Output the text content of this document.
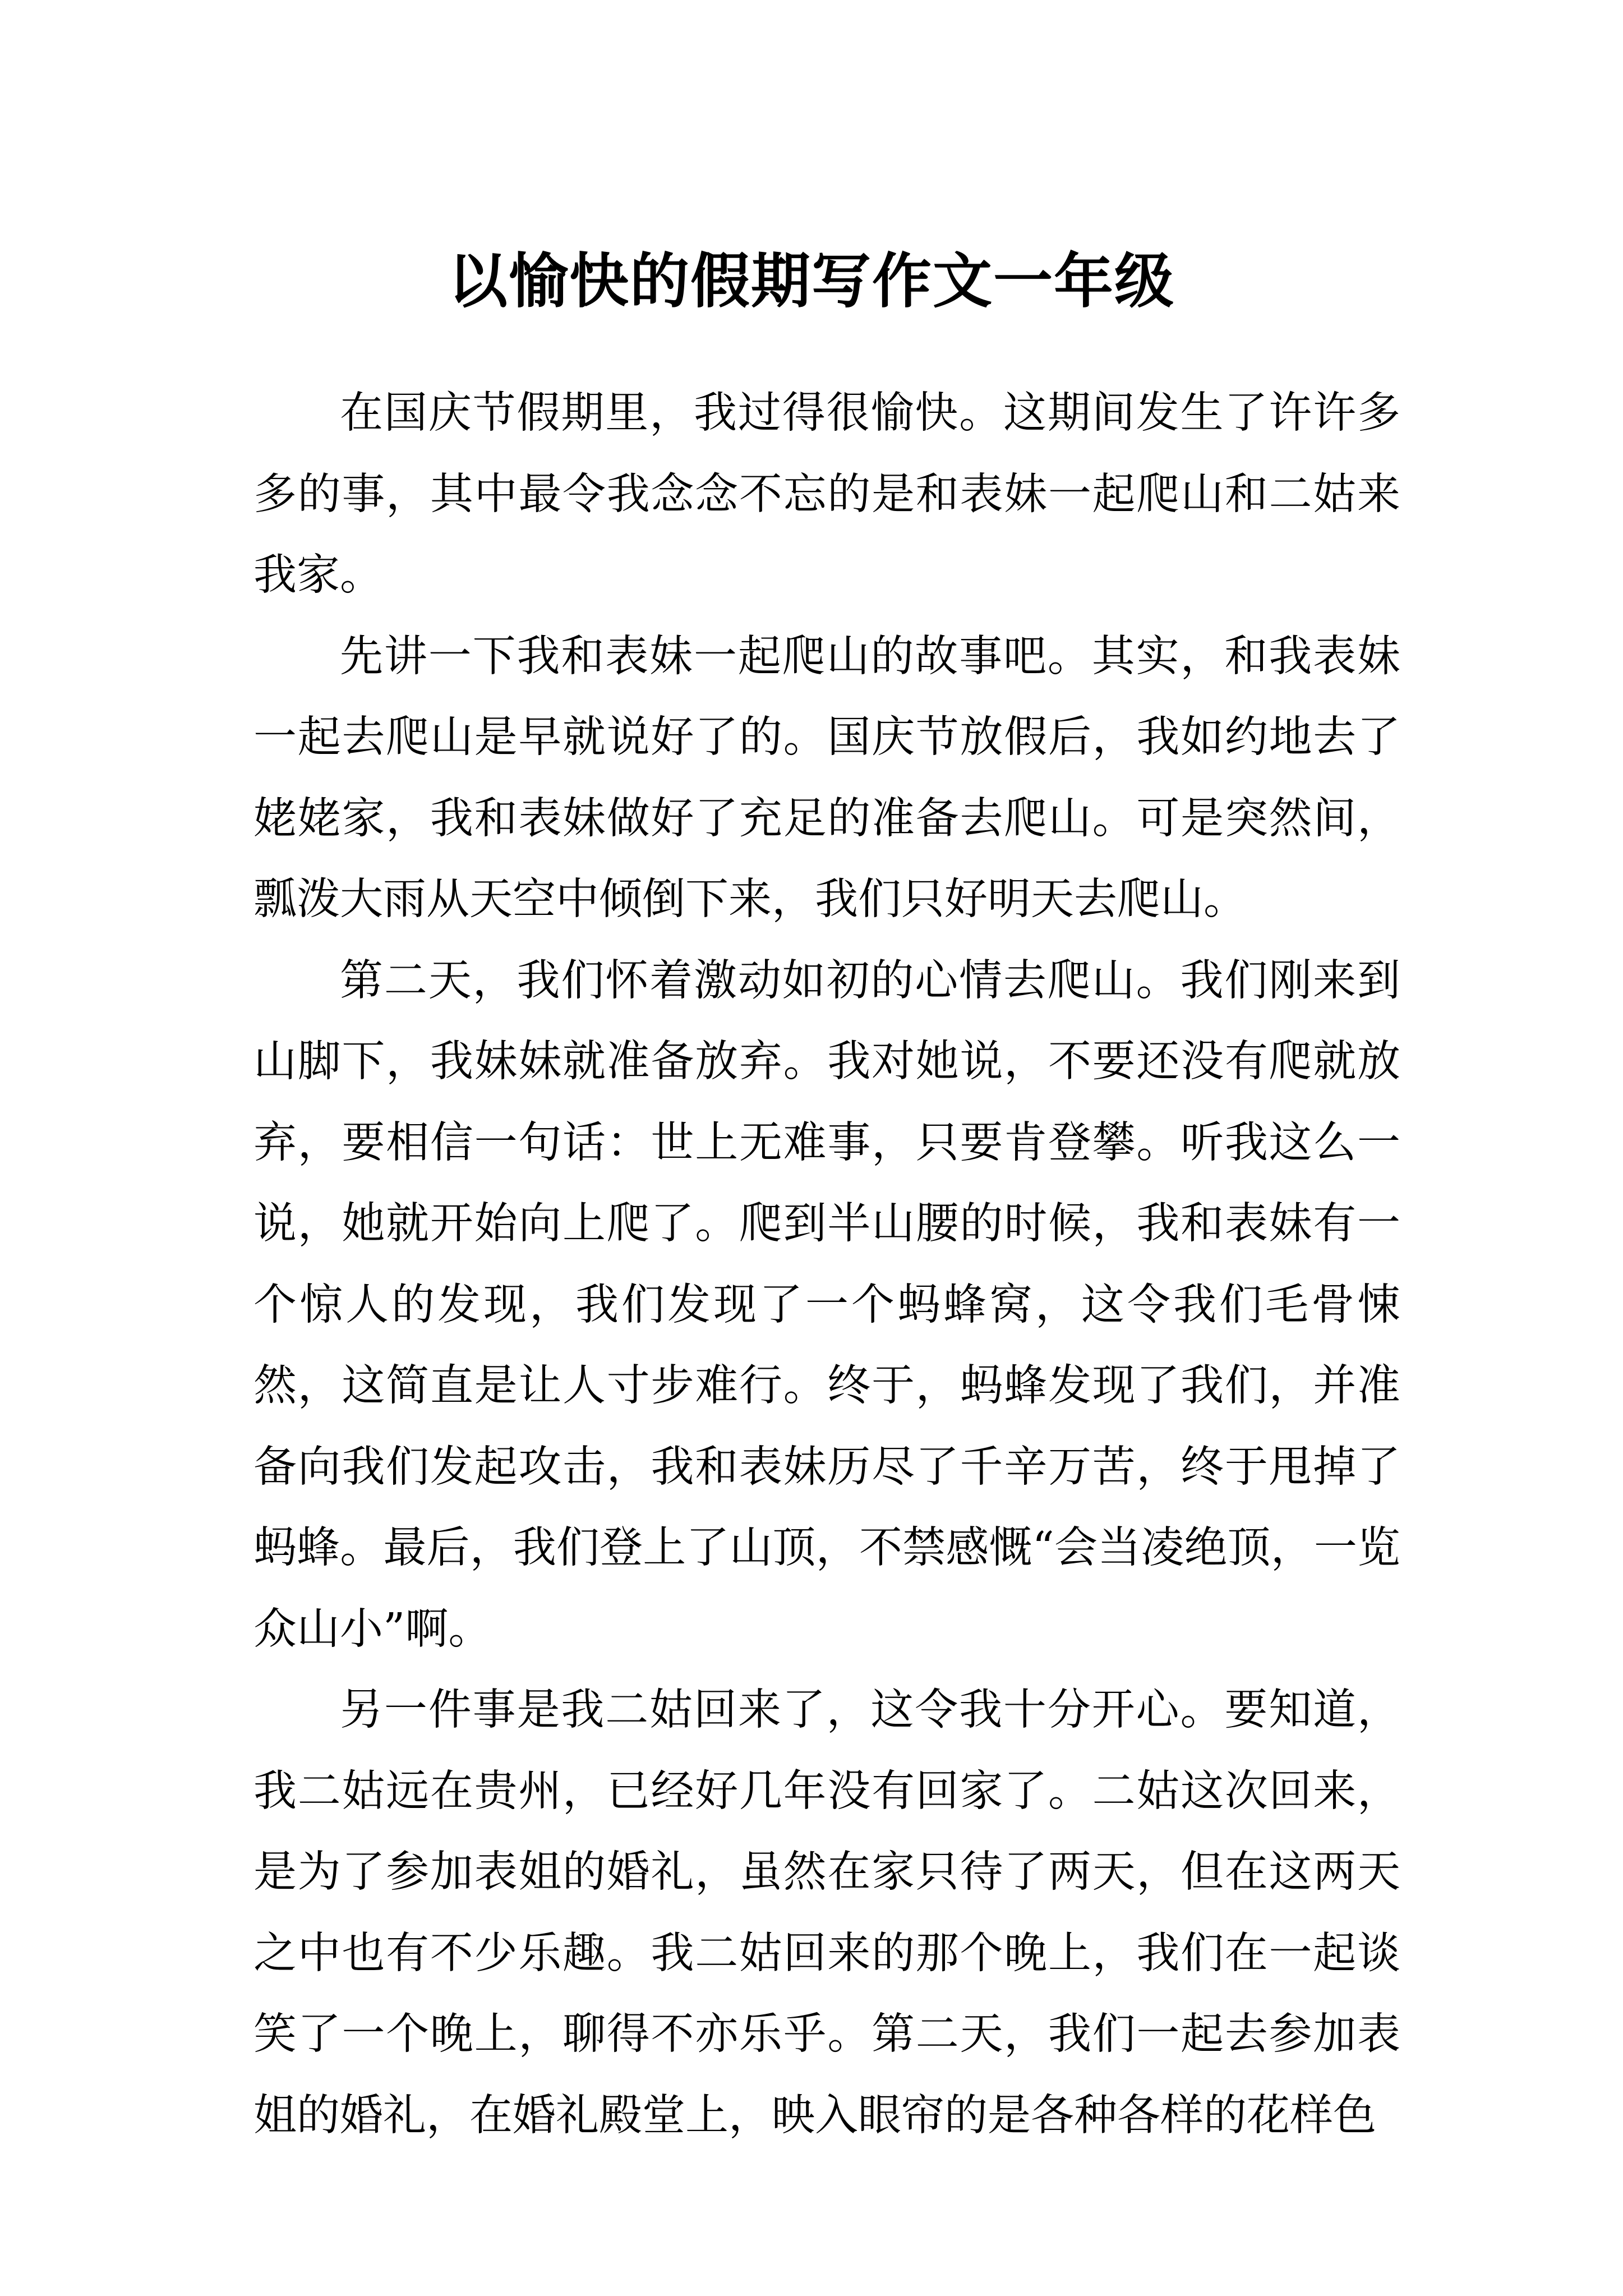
以愉快的假期写作文一年级

在国庆节假期里，我过得很愉快。这期间发生了许许多多的事，其中最令我念念不忘的是和表妹一起爬山和二姑来我家。

先讲一下我和表妹一起爬山的故事吧。其实，和我表妹一起去爬山是早就说好了的。国庆节放假后，我如约地去了姥姥家，我和表妹做好了充足的准备去爬山。可是突然间，瓢泼大雨从天空中倾倒下来，我们只好明天去爬山。

第二天，我们怀着激动如初的心情去爬山。我们刚来到山脚下，我妹妹就准备放弃。我对她说，不要还没有爬就放弃，要相信一句话：世上无难事，只要肯登攀。听我这么一说，她就开始向上爬了。爬到半山腰的时候，我和表妹有一个惊人的发现，我们发现了一个蚂蜂窝，这令我们毛骨悚然，这简直是让人寸步难行。终于，蚂蜂发现了我们，并准备向我们发起攻击，我和表妹历尽了千辛万苦，终于甩掉了蚂蜂。最后，我们登上了山顶，不禁感慨“会当凌绝顶，一览众山小”啊。

另一件事是我二姑回来了，这令我十分开心。要知道，我二姑远在贵州，已经好几年没有回家了。二姑这次回来，是为了参加表姐的婚礼，虽然在家只待了两天，但在这两天之中也有不少乐趣。我二姑回来的那个晚上，我们在一起谈笑了一个晚上，聊得不亦乐乎。第二天，我们一起去参加表姐的婚礼，在婚礼殿堂上，映入眼帘的是各种各样的花样色
